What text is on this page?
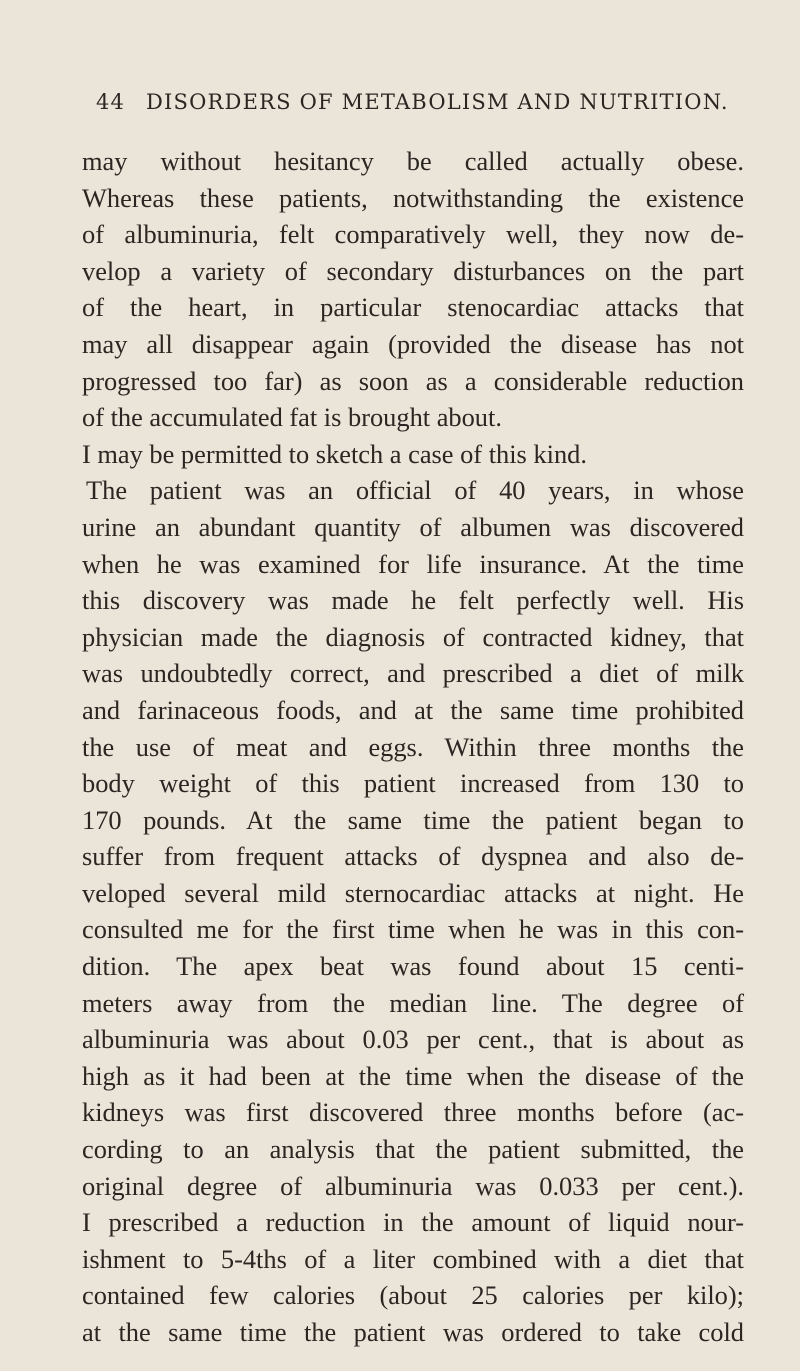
44 DISORDERS OF METABOLISM AND NUTRITION.
may without hesitancy be called actually obese.
Whereas these patients, notwithstanding the existence
of albuminuria, felt comparatively well, they now de-
velop a variety of secondary disturbances on the part
of the heart, in particular stenocardiac attacks that
may all disappear again (provided the disease has not
progressed too far) as soon as a considerable reduction
of the accumulated fat is brought about.
I may be permitted to sketch a case of this kind.
The patient was an official of 40 years, in whose
urine an abundant quantity of albumen was discovered
when he was examined for life insurance. At the time
this discovery was made he felt perfectly well. His
physician made the diagnosis of contracted kidney, that
was undoubtedly correct, and prescribed a diet of milk
and farinaceous foods, and at the same time prohibited
the use of meat and eggs. Within three months the
body weight of this patient increased from 130 to
170 pounds. At the same time the patient began to
suffer from frequent attacks of dyspnea and also de-
veloped several mild sternocardiac attacks at night. He
consulted me for the first time when he was in this con-
dition. The apex beat was found about 15 centi-
meters away from the median line. The degree of
albuminuria was about 0.03 per cent., that is about as
high as it had been at the time when the disease of the
kidneys was first discovered three months before (ac-
cording to an analysis that the patient submitted, the
original degree of albuminuria was 0.033 per cent.).
I prescribed a reduction in the amount of liquid nour-
ishment to 5-4ths of a liter combined with a diet that
contained few calories (about 25 calories per kilo);
at the same time the patient was ordered to take cold
